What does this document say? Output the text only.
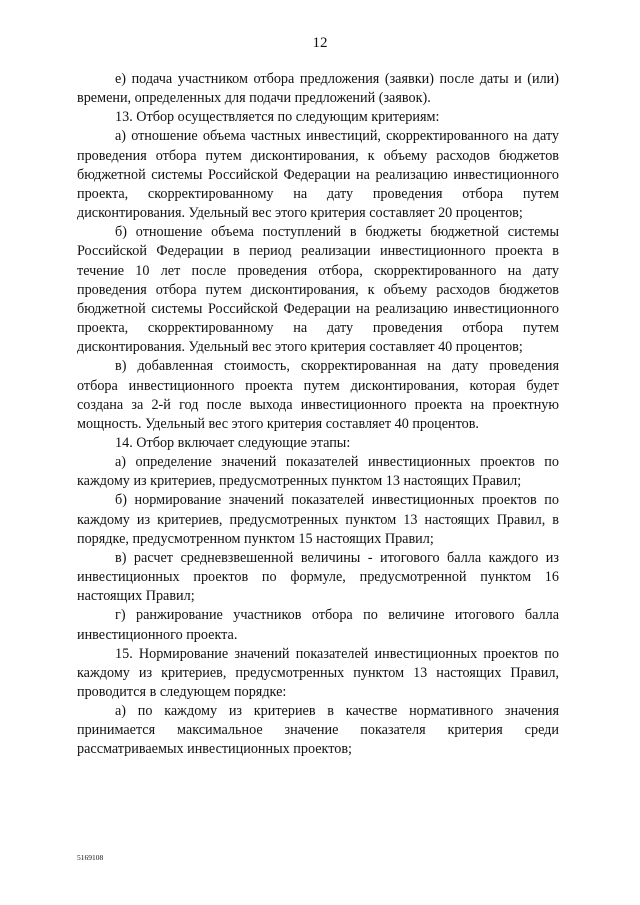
12

е) подача участником отбора предложения (заявки) после даты и (или) времени, определенных для подачи предложений (заявок).

13. Отбор осуществляется по следующим критериям:

а) отношение объема частных инвестиций, скорректированного на дату проведения отбора путем дисконтирования, к объему расходов бюджетов бюджетной системы Российской Федерации на реализацию инвестиционного проекта, скорректированному на дату проведения отбора путем дисконтирования. Удельный вес этого критерия составляет 20 процентов;

б) отношение объема поступлений в бюджеты бюджетной системы Российской Федерации в период реализации инвестиционного проекта в течение 10 лет после проведения отбора, скорректированного на дату проведения отбора путем дисконтирования, к объему расходов бюджетов бюджетной системы Российской Федерации на реализацию инвестиционного проекта, скорректированному на дату проведения отбора путем дисконтирования. Удельный вес этого критерия составляет 40 процентов;

в) добавленная стоимость, скорректированная на дату проведения отбора инвестиционного проекта путем дисконтирования, которая будет создана за 2-й год после выхода инвестиционного проекта на проектную мощность. Удельный вес этого критерия составляет 40 процентов.

14. Отбор включает следующие этапы:

а) определение значений показателей инвестиционных проектов по каждому из критериев, предусмотренных пунктом 13 настоящих Правил;

б) нормирование значений показателей инвестиционных проектов по каждому из критериев, предусмотренных пунктом 13 настоящих Правил, в порядке, предусмотренном пунктом 15 настоящих Правил;

в) расчет средневзвешенной величины - итогового балла каждого из инвестиционных проектов по формуле, предусмотренной пунктом 16 настоящих Правил;

г) ранжирование участников отбора по величине итогового балла инвестиционного проекта.

15. Нормирование значений показателей инвестиционных проектов по каждому из критериев, предусмотренных пунктом 13 настоящих Правил, проводится в следующем порядке:

а) по каждому из критериев в качестве нормативного значения принимается максимальное значение показателя критерия среди рассматриваемых инвестиционных проектов;

5169108
